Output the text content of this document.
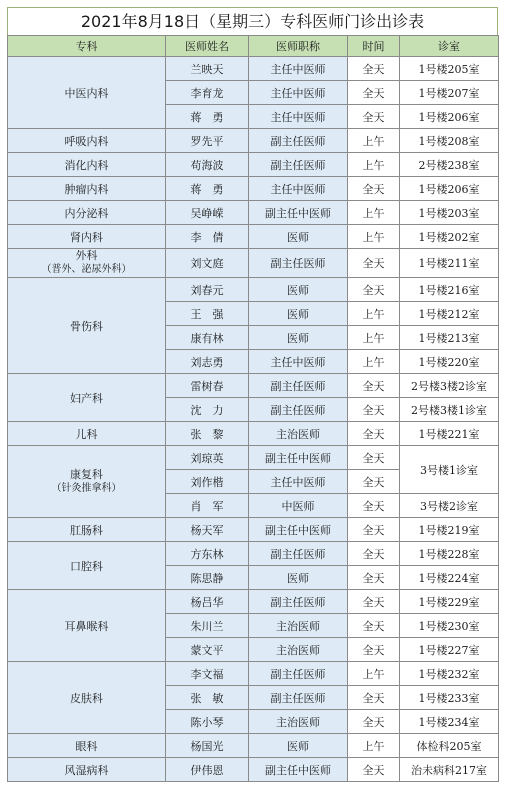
2021年8月18日（星期三）专科医师门诊出诊表
专科	医师姓名	医师职称	时间	诊室

中医内科	兰映天	主任中医师	全天	1号楼205室
	李育龙	主任中医师	全天	1号楼207室
	蒋　勇	主任中医师	全天	1号楼206室

呼吸内科	罗先平	副主任医师	上午	1号楼208室

消化内科	苟海波	副主任医师	上午	2号楼238室

肿瘤内科	蒋　勇	主任中医师	全天	1号楼206室

内分泌科	吴峥嵘	副主任中医师	上午	1号楼203室

肾内科	李　倩	医师	上午	1号楼202室

外科
（普外、泌尿外科）	刘文庭	副主任医师	全天	1号楼211室

骨伤科	刘春元	医师	全天	1号楼216室
	王　强	医师	上午	1号楼212室
	康有林	医师	上午	1号楼213室
	刘志勇	主任中医师	上午	1号楼220室

妇产科	雷树春	副主任医师	全天	2号楼3楼2诊室
	沈　力	副主任医师	全天	2号楼3楼1诊室

儿科	张　黎	主治医师	全天	1号楼221室

康复科
（针灸推拿科）	刘琼英	副主任中医师	全天	3号楼1诊室
	刘作楷	主任中医师	全天	
	肖　军	中医师	全天	3号楼2诊室

肛肠科	杨天军	副主任中医师	全天	1号楼219室

口腔科	方东林	副主任医师	全天	1号楼228室
	陈思静	医师	全天	1号楼224室

耳鼻喉科	杨吕华	副主任医师	全天	1号楼229室
	朱川兰	主治医师	全天	1号楼230室
	蒙文平	主治医师	全天	1号楼227室

皮肤科	李文福	副主任医师	上午	1号楼232室
	张　敏	副主任医师	全天	1号楼233室
	陈小琴	主治医师	全天	1号楼234室

眼科	杨国光	医师	上午	体检科205室

风湿病科	伊伟恩	副主任中医师	全天	治未病科217室
